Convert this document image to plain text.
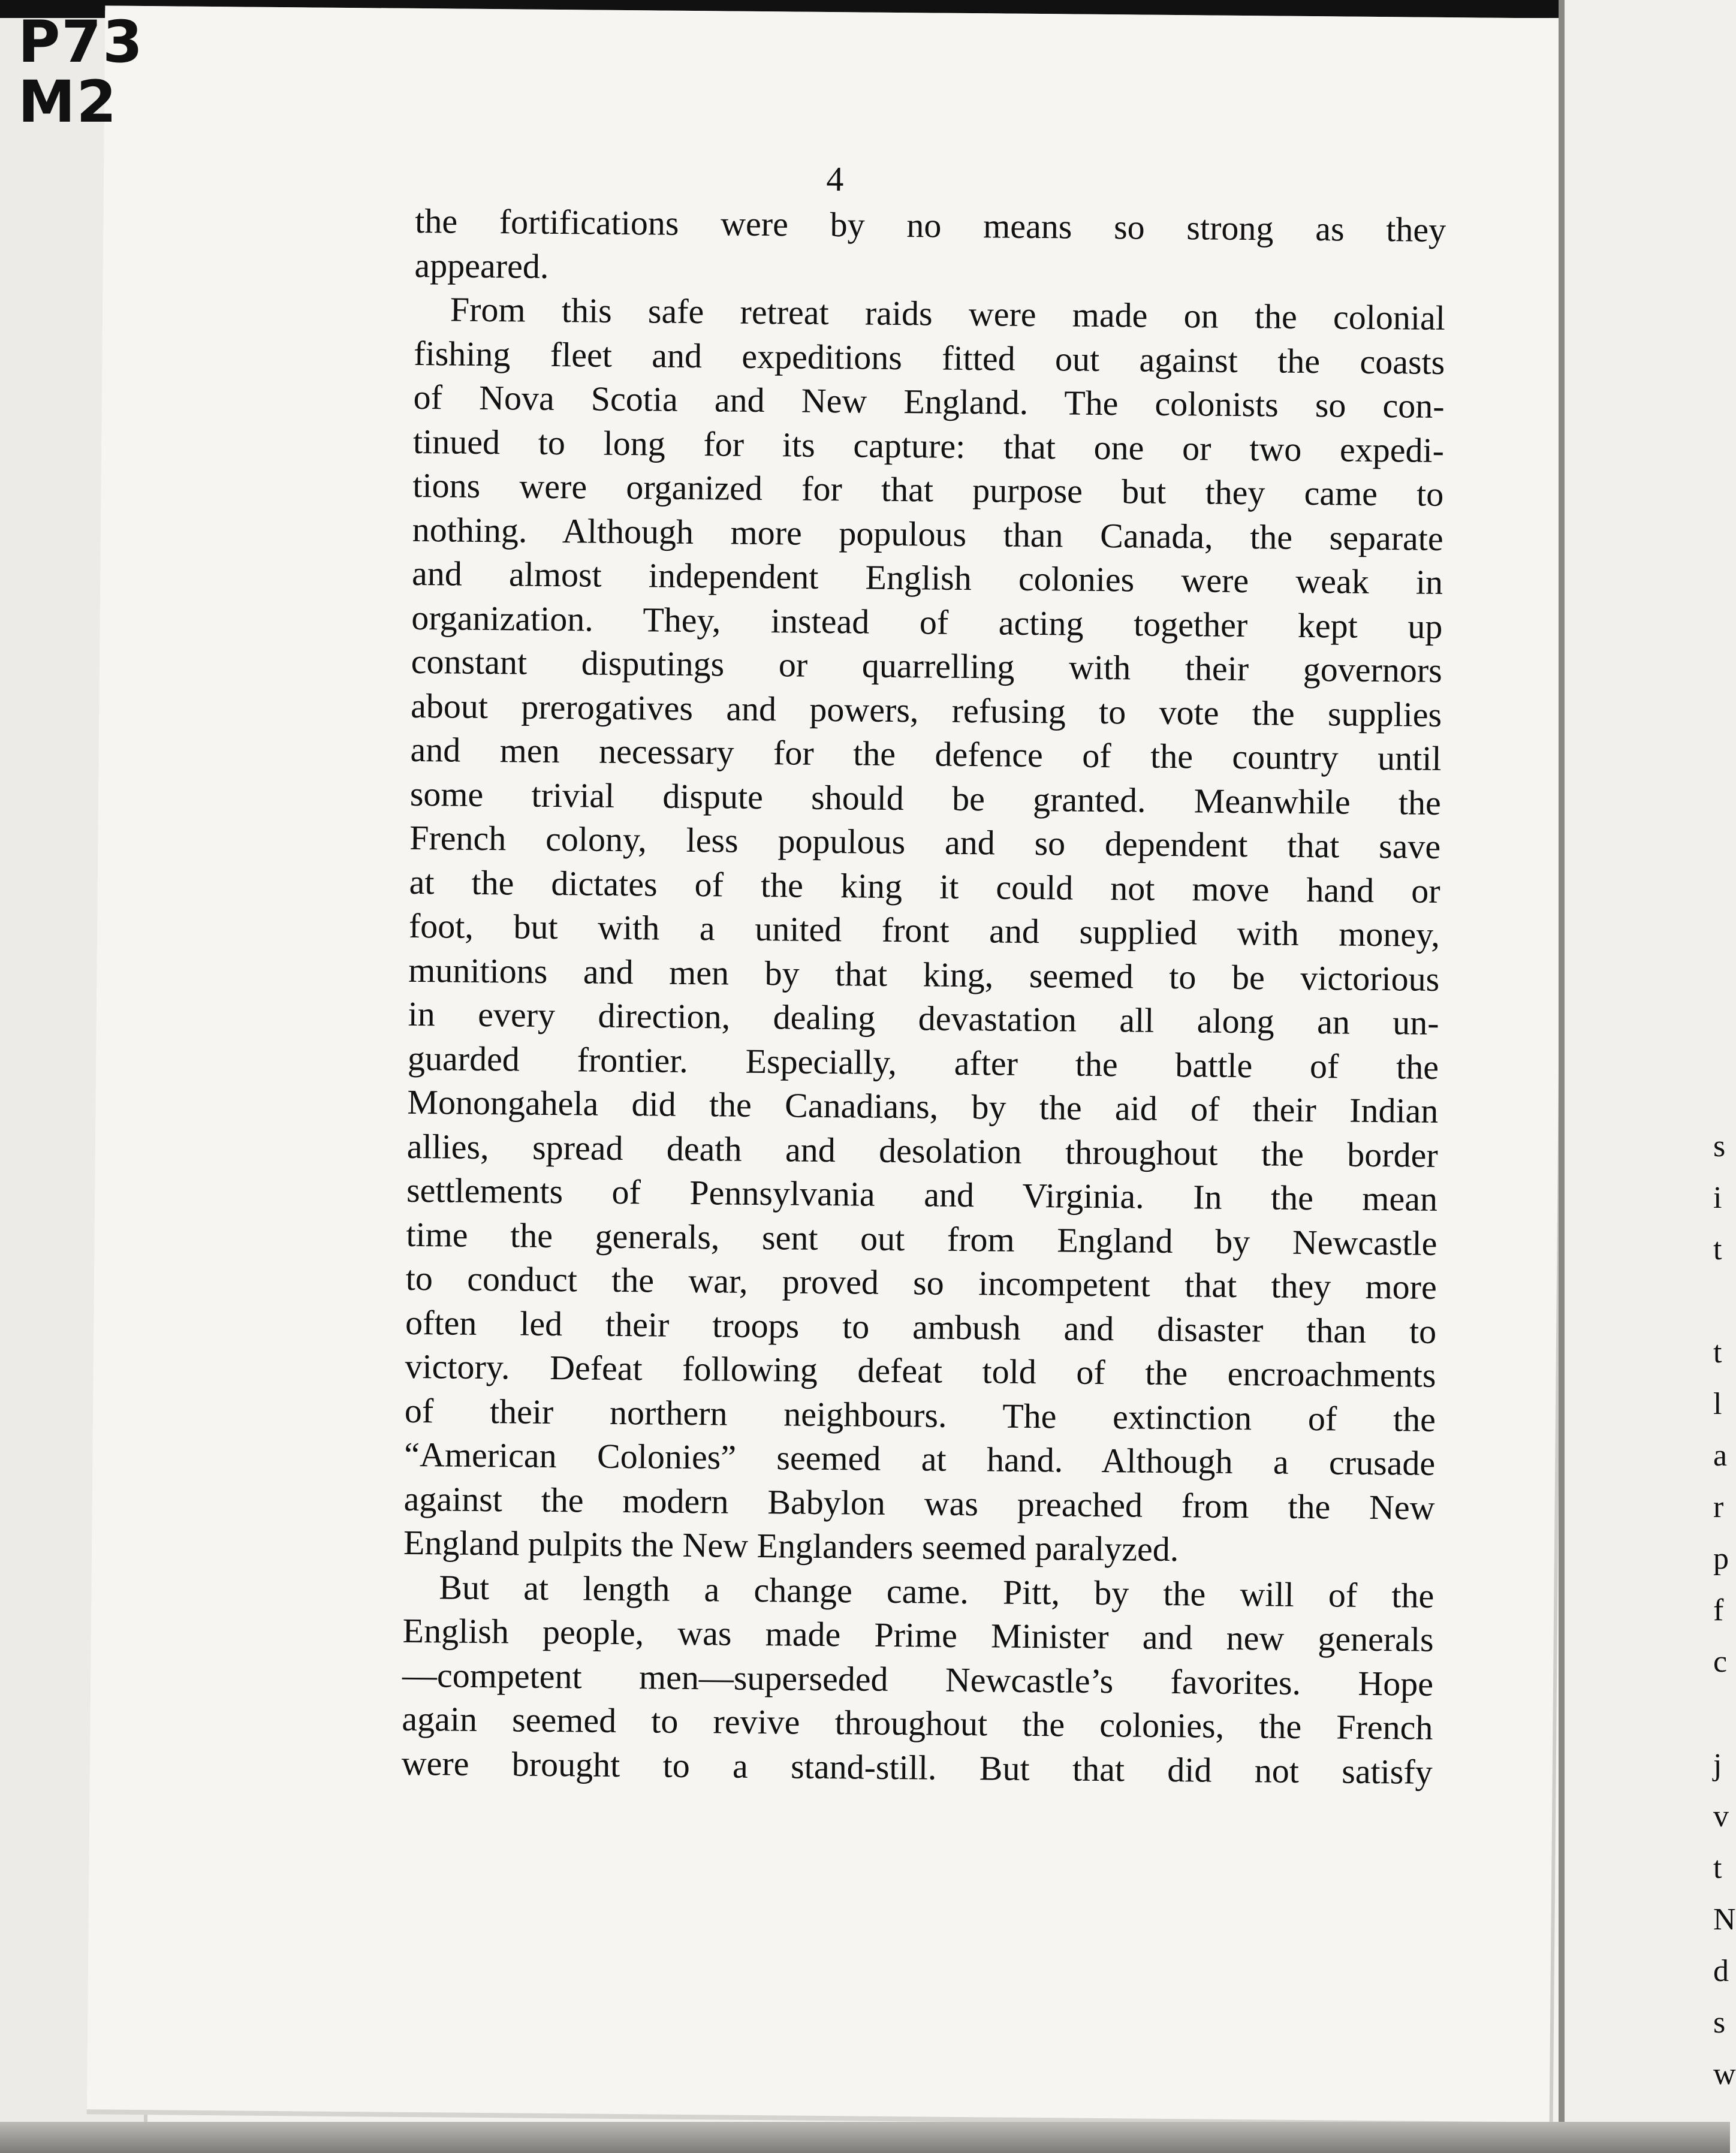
4
the fortifications were by no means so strong as they
appeared.
From this safe retreat raids were made on the colonial
fishing fleet and expeditions fitted out against the coasts
of Nova Scotia and New England. The colonists so con-
tinued to long for its capture: that one or two expedi-
tions were organized for that purpose but they came to
nothing. Although more populous than Canada, the separate
and almost independent English colonies were weak in
organization. They, instead of acting together kept up
constant disputings or quarrelling with their governors
about prerogatives and powers, refusing to vote the supplies
and men necessary for the defence of the country until
some trivial dispute should be granted. Meanwhile the
French colony, less populous and so dependent that save
at the dictates of the king it could not move hand or
foot, but with a united front and supplied with money,
munitions and men by that king, seemed to be victorious
in every direction, dealing devastation all along an un-
guarded frontier. Especially, after the battle of the
Monongahela did the Canadians, by the aid of their Indian
allies, spread death and desolation throughout the border
settlements of Pennsylvania and Virginia. In the mean
time the generals, sent out from England by Newcastle
to conduct the war, proved so incompetent that they more
often led their troops to ambush and disaster than to
victory. Defeat following defeat told of the encroachments
of their northern neighbours. The extinction of the
“American Colonies” seemed at hand. Although a crusade
against the modern Babylon was preached from the New
England pulpits the New Englanders seemed paralyzed.
But at length a change came. Pitt, by the will of the
English people, was made Prime Minister and new generals
—competent men—superseded Newcastle’s favorites. Hope
again seemed to revive throughout the colonies, the French
were brought to a stand-still. But that did not satisfy
P73
M2
s
i
t
t
l
a
r
p
f
c
j
v
t
N
d
s
w
